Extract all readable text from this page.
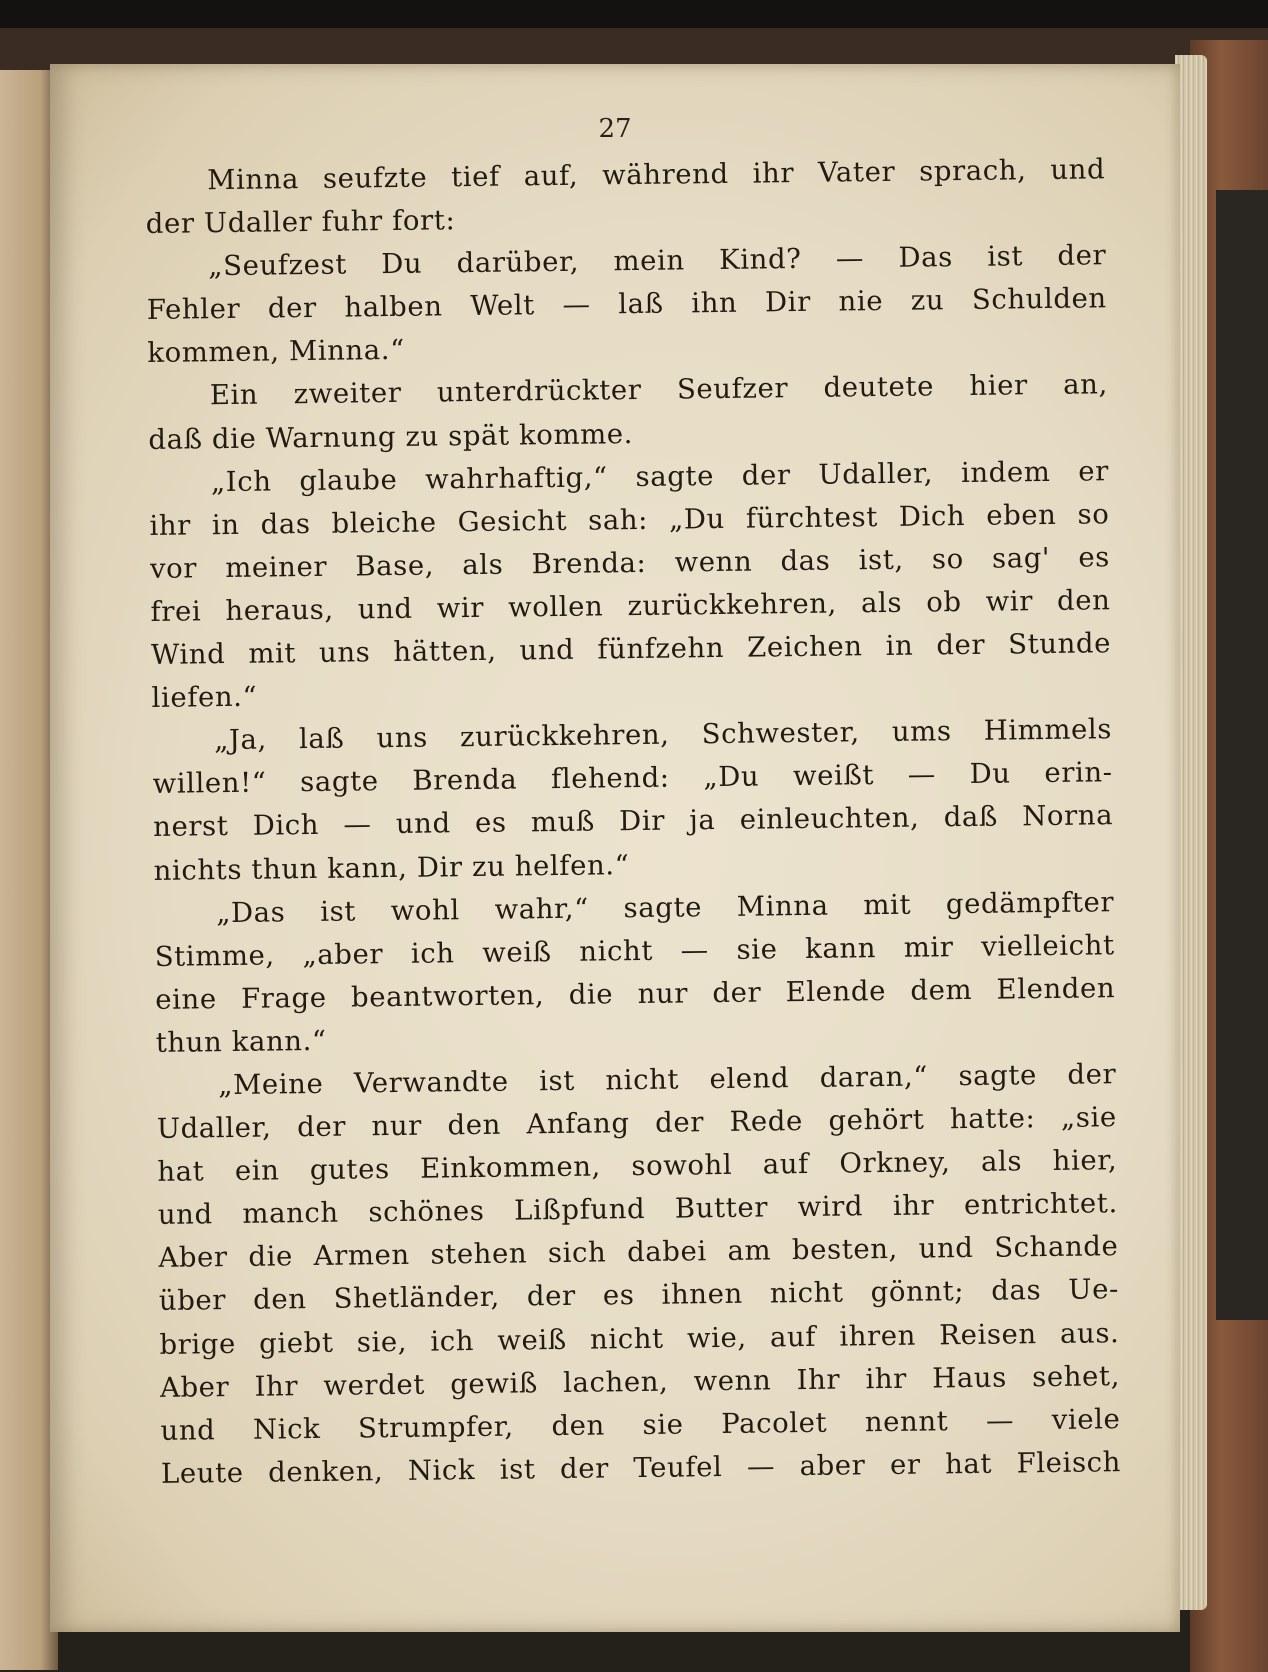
27
Minna seufzte tief auf, während ihr Vater sprach, und
der Udaller fuhr fort:
„Seufzest Du darüber, mein Kind? — Das ist der
Fehler der halben Welt — laß ihn Dir nie zu Schulden
kommen, Minna.“
Ein zweiter unterdrückter Seufzer deutete hier an,
daß die Warnung zu spät komme.
„Ich glaube wahrhaftig,“ sagte der Udaller, indem er
ihr in das bleiche Gesicht sah: „Du fürchtest Dich eben so
vor meiner Base, als Brenda: wenn das ist, so sag' es
frei heraus, und wir wollen zurückkehren, als ob wir den
Wind mit uns hätten, und fünfzehn Zeichen in der Stunde
liefen.“
„Ja, laß uns zurückkehren, Schwester, ums Himmels
willen!“ sagte Brenda flehend: „Du weißt — Du erin-
nerst Dich — und es muß Dir ja einleuchten, daß Norna
nichts thun kann, Dir zu helfen.“
„Das ist wohl wahr,“ sagte Minna mit gedämpfter
Stimme, „aber ich weiß nicht — sie kann mir vielleicht
eine Frage beantworten, die nur der Elende dem Elenden
thun kann.“
„Meine Verwandte ist nicht elend daran,“ sagte der
Udaller, der nur den Anfang der Rede gehört hatte: „sie
hat ein gutes Einkommen, sowohl auf Orkney, als hier,
und manch schönes Lißpfund Butter wird ihr entrichtet.
Aber die Armen stehen sich dabei am besten, und Schande
über den Shetländer, der es ihnen nicht gönnt; das Ue-
brige giebt sie, ich weiß nicht wie, auf ihren Reisen aus.
Aber Ihr werdet gewiß lachen, wenn Ihr ihr Haus sehet,
und Nick Strumpfer, den sie Pacolet nennt — viele
Leute denken, Nick ist der Teufel — aber er hat Fleisch
